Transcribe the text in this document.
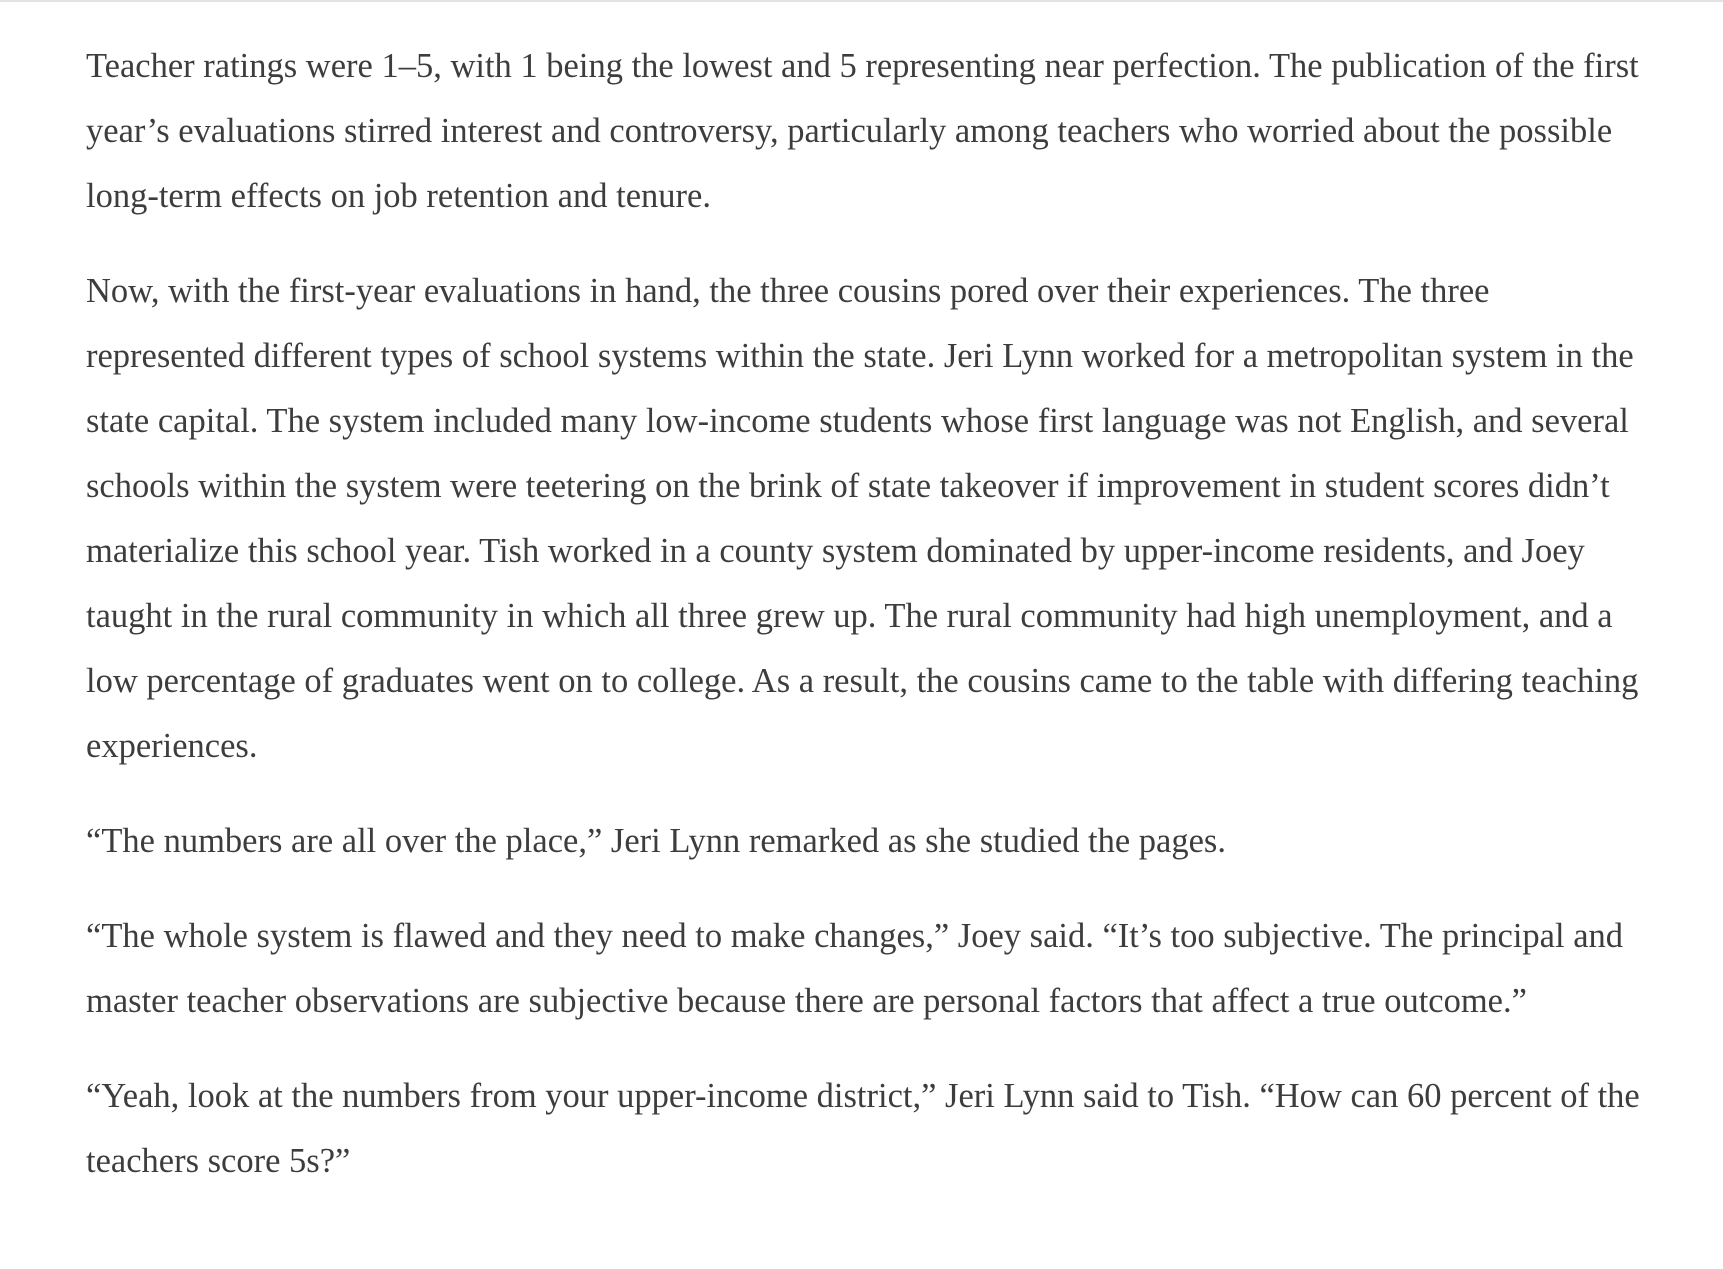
Teacher ratings were 1–5, with 1 being the lowest and 5 representing near perfection. The publication of the first year’s evaluations stirred interest and controversy, particularly among teachers who worried about the possible long-term effects on job retention and tenure.

Now, with the first-year evaluations in hand, the three cousins pored over their experiences. The three represented different types of school systems within the state. Jeri Lynn worked for a metropolitan system in the state capital. The system included many low-income students whose first language was not English, and several schools within the system were teetering on the brink of state takeover if improvement in student scores didn’t materialize this school year. Tish worked in a county system dominated by upper-income residents, and Joey taught in the rural community in which all three grew up. The rural community had high unemployment, and a low percentage of graduates went on to college. As a result, the cousins came to the table with differing teaching experiences.

“The numbers are all over the place,” Jeri Lynn remarked as she studied the pages.

“The whole system is flawed and they need to make changes,” Joey said. “It’s too subjective. The principal and master teacher observations are subjective because there are personal factors that affect a true outcome.”

“Yeah, look at the numbers from your upper-income district,” Jeri Lynn said to Tish. “How can 60 percent of the teachers score 5s?”
